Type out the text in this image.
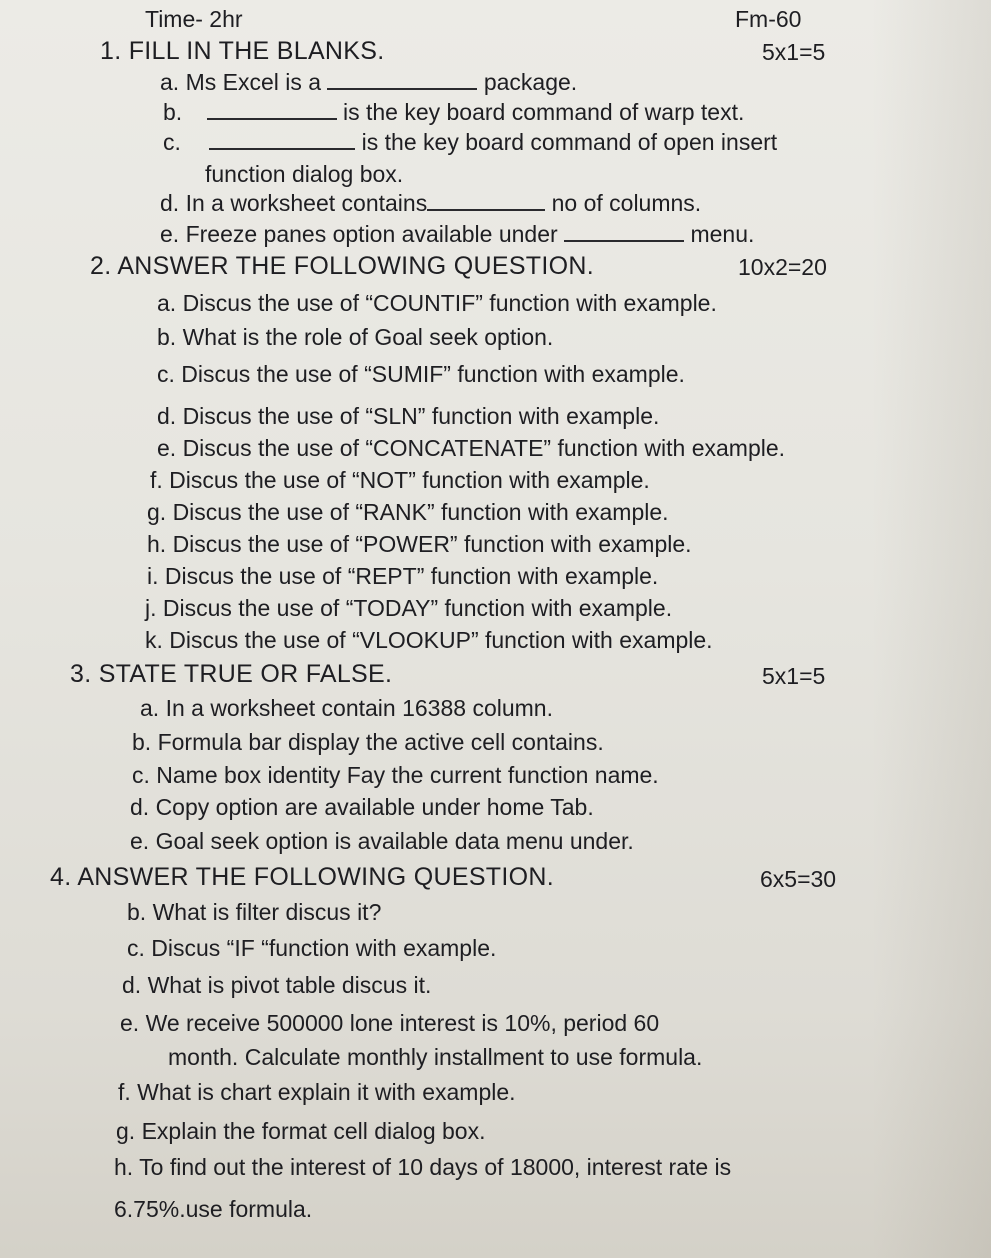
Time- 2hr	Fm-60
1. FILL IN THE BLANKS.	5x1=5
a. Ms Excel is a	package.
b.	is the key board command of warp text.
c.	is the key board command of open insert
function dialog box.
d. In a worksheet contains	no of columns.
e. Freeze panes option available under	menu.
2. ANSWER THE FOLLOWING QUESTION.	10x2=20
a. Discus the use of “COUNTIF” function with example.
b. What is the role of Goal seek option.
c. Discus the use of “SUMIF” function with example.
d. Discus the use of “SLN” function with example.
e. Discus the use of “CONCATENATE” function with example.
f. Discus the use of “NOT” function with example.
g. Discus the use of “RANK” function with example.
h. Discus the use of “POWER” function with example.
i. Discus the use of “REPT” function with example.
j. Discus the use of “TODAY” function with example.
k. Discus the use of “VLOOKUP” function with example.
3. STATE TRUE OR FALSE.	5x1=5
a. In a worksheet contain 16388 column.
b. Formula bar display the active cell contains.
c. Name box identity Fay the current function name.
d. Copy option are available under home Tab.
e. Goal seek option is available data menu under.
4. ANSWER THE FOLLOWING QUESTION.	6x5=30
b. What is filter discus it?
c. Discus “IF “function with example.
d. What is pivot table discus it.
e. We receive 500000 lone interest is 10%, period 60
month. Calculate monthly installment to use formula.
f. What is chart explain it with example.
g. Explain the format cell dialog box.
h. To find out the interest of 10 days of 18000, interest rate is
6.75%.use formula.
